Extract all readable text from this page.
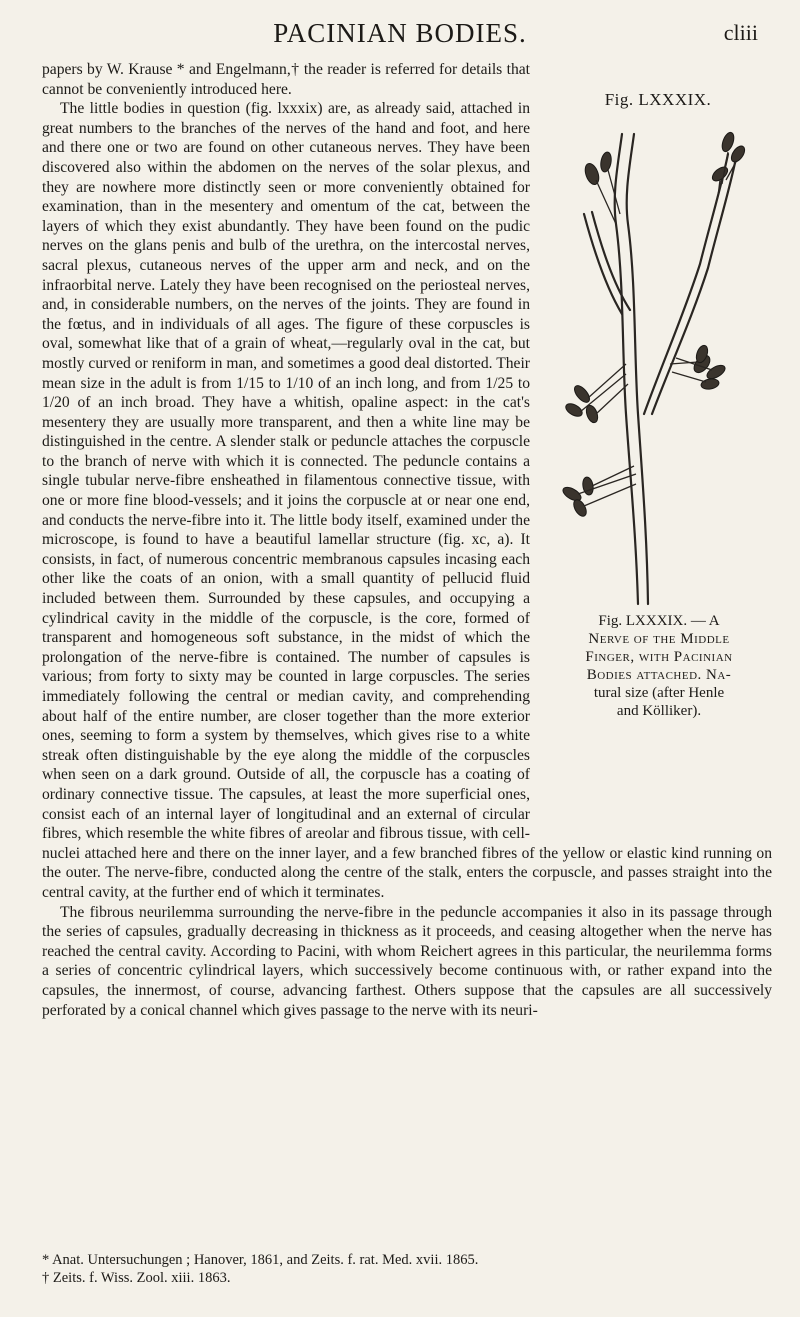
PACINIAN BODIES.	cliii
Fig. LXXXIX.
Fig. LXXXIX. — A
Nerve of the Middle
Finger, with Pacinian
Bodies attached. Na-
tural size (after Henle
and Kölliker).

papers by W. Krause * and Engelmann,† the reader is referred for details that cannot be conveniently introduced here.

The little bodies in question (fig. lxxxix) are, as already said, attached in great numbers to the branches of the nerves of the hand and foot, and here and there one or two are found on other cutaneous nerves. They have been discovered also within the abdomen on the nerves of the solar plexus, and they are nowhere more distinctly seen or more conveniently obtained for examination, than in the mesentery and omentum of the cat, between the layers of which they exist abundantly. They have been found on the pudic nerves on the glans penis and bulb of the urethra, on the intercostal nerves, sacral plexus, cutaneous nerves of the upper arm and neck, and on the infraorbital nerve. Lately they have been recognised on the periosteal nerves, and, in considerable numbers, on the nerves of the joints. They are found in the fœtus, and in individuals of all ages. The figure of these corpuscles is oval, somewhat like that of a grain of wheat,—regularly oval in the cat, but mostly curved or reniform in man, and sometimes a good deal distorted. Their mean size in the adult is from 1/15 to 1/10 of an inch long, and from 1/25 to 1/20 of an inch broad. They have a whitish, opaline aspect: in the cat's mesentery they are usually more transparent, and then a white line may be distinguished in the centre. A slender stalk or peduncle attaches the corpuscle to the branch of nerve with which it is connected. The peduncle contains a single tubular nerve-fibre ensheathed in filamentous connective tissue, with one or more fine blood-vessels; and it joins the corpuscle at or near one end, and conducts the nerve-fibre into it. The little body itself, examined under the microscope, is found to have a beautiful lamellar structure (fig. xc, a). It consists, in fact, of numerous concentric membranous capsules incasing each other like the coats of an onion, with a small quantity of pellucid fluid included between them. Surrounded by these capsules, and occupying a cylindrical cavity in the middle of the corpuscle, is the core, formed of transparent and homogeneous soft substance, in the midst of which the prolongation of the nerve-fibre is contained. The number of capsules is various; from forty to sixty may be counted in large corpuscles. The series immediately following the central or median cavity, and comprehending about half of the entire number, are closer together than the more exterior ones, seeming to form a system by themselves, which gives rise to a white streak often distinguishable by the eye along the middle of the corpuscles when seen on a dark ground. Outside of all, the corpuscle has a coating of ordinary connective tissue. The capsules, at least the more superficial ones, consist each of an internal layer of longitudinal and an external of circular fibres, which resemble the white fibres of areolar and fibrous tissue, with cell-nuclei attached here and there on the inner layer, and a few branched fibres of the yellow or elastic kind running on the outer. The nerve-fibre, conducted along the centre of the stalk, enters the corpuscle, and passes straight into the central cavity, at the further end of which it terminates.

The fibrous neurilemma surrounding the nerve-fibre in the peduncle accompanies it also in its passage through the series of capsules, gradually decreasing in thickness as it proceeds, and ceasing altogether when the nerve has reached the central cavity. According to Pacini, with whom Reichert agrees in this particular, the neurilemma forms a series of concentric cylindrical layers, which successively become continuous with, or rather expand into the capsules, the innermost, of course, advancing farthest. Others suppose that the capsules are all successively perforated by a conical channel which gives passage to the nerve with its neuri-

* Anat. Untersuchungen ; Hanover, 1861, and Zeits. f. rat. Med. xvii. 1865.
† Zeits. f. Wiss. Zool. xiii. 1863.
